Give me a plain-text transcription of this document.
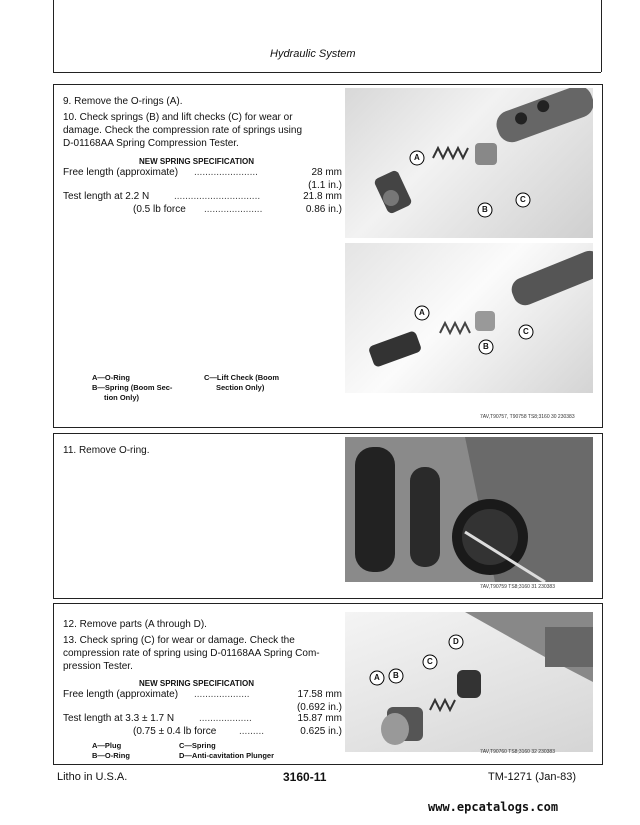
Hydraulic System
9. Remove the O-rings (A).
10. Check springs (B) and lift checks (C) for wear or
damage. Check the compression rate of springs using
D-01168AA Spring Compression Tester.
NEW SPRING SPECIFICATION
Free length (approximate) .......................	28 mm
(1.1 in.)
Test length at 2.2 N ...............................	21.8 mm
(0.5 lb force .....................	0.86 in.)
A—O-Ring
B—Spring (Boom Sec-
tion Only)
C—Lift Check (Boom
Section Only)
A
B
C
A
B
C
7AV,T90757, T90758 TS8;3160 30 230383
11. Remove O-ring.
7AV,T90759 TS8;3160 31 230383
12. Remove parts (A through D).
13. Check spring (C) for wear or damage. Check the
compression rate of spring using D-01168AA Spring Com-
pression Tester.
NEW SPRING SPECIFICATION
Free length (approximate) ....................	17.58 mm
(0.692 in.)
Test length at 3.3 ± 1.7 N ...................	15.87 mm
(0.75 ± 0.4 lb force .........	0.625 in.)
A—Plug
B—O-Ring
C—Spring
D—Anti-cavitation Plunger
A B
C
D
7AV,T90760 TS8;3160 32 230383
Litho in U.S.A.	3160-11	TM-1271 (Jan-83)
www.epcatalogs.com
